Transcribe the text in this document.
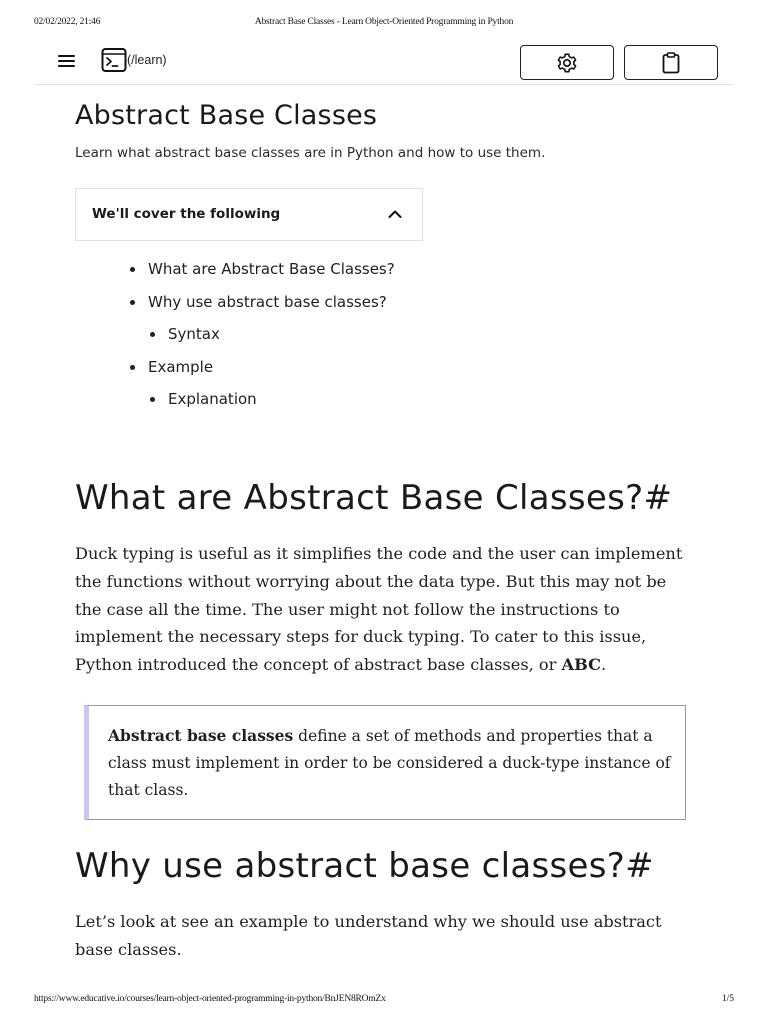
02/02/2022, 21:46	Abstract Base Classes - Learn Object-Oriented Programming in Python
(/learn)
Abstract Base Classes

Learn what abstract base classes are in Python and how to use them.

We'll cover the following
What are Abstract Base Classes?
Why use abstract base classes?
Syntax
Example
Explanation
What are Abstract Base Classes?#

Duck typing is useful as it simplifies the code and the user can implement the functions without worrying about the data type. But this may not be the case all the time. The user might not follow the instructions to implement the necessary steps for duck typing. To cater to this issue, Python introduced the concept of abstract base classes, or ABC.

Abstract base classes define a set of methods and properties that a class must implement in order to be considered a duck-type instance of that class.

Why use abstract base classes?#

Let’s look at see an example to understand why we should use abstract base classes.

https://www.educative.io/courses/learn-object-oriented-programming-in-python/BnJEN8ROmZx	1/5
